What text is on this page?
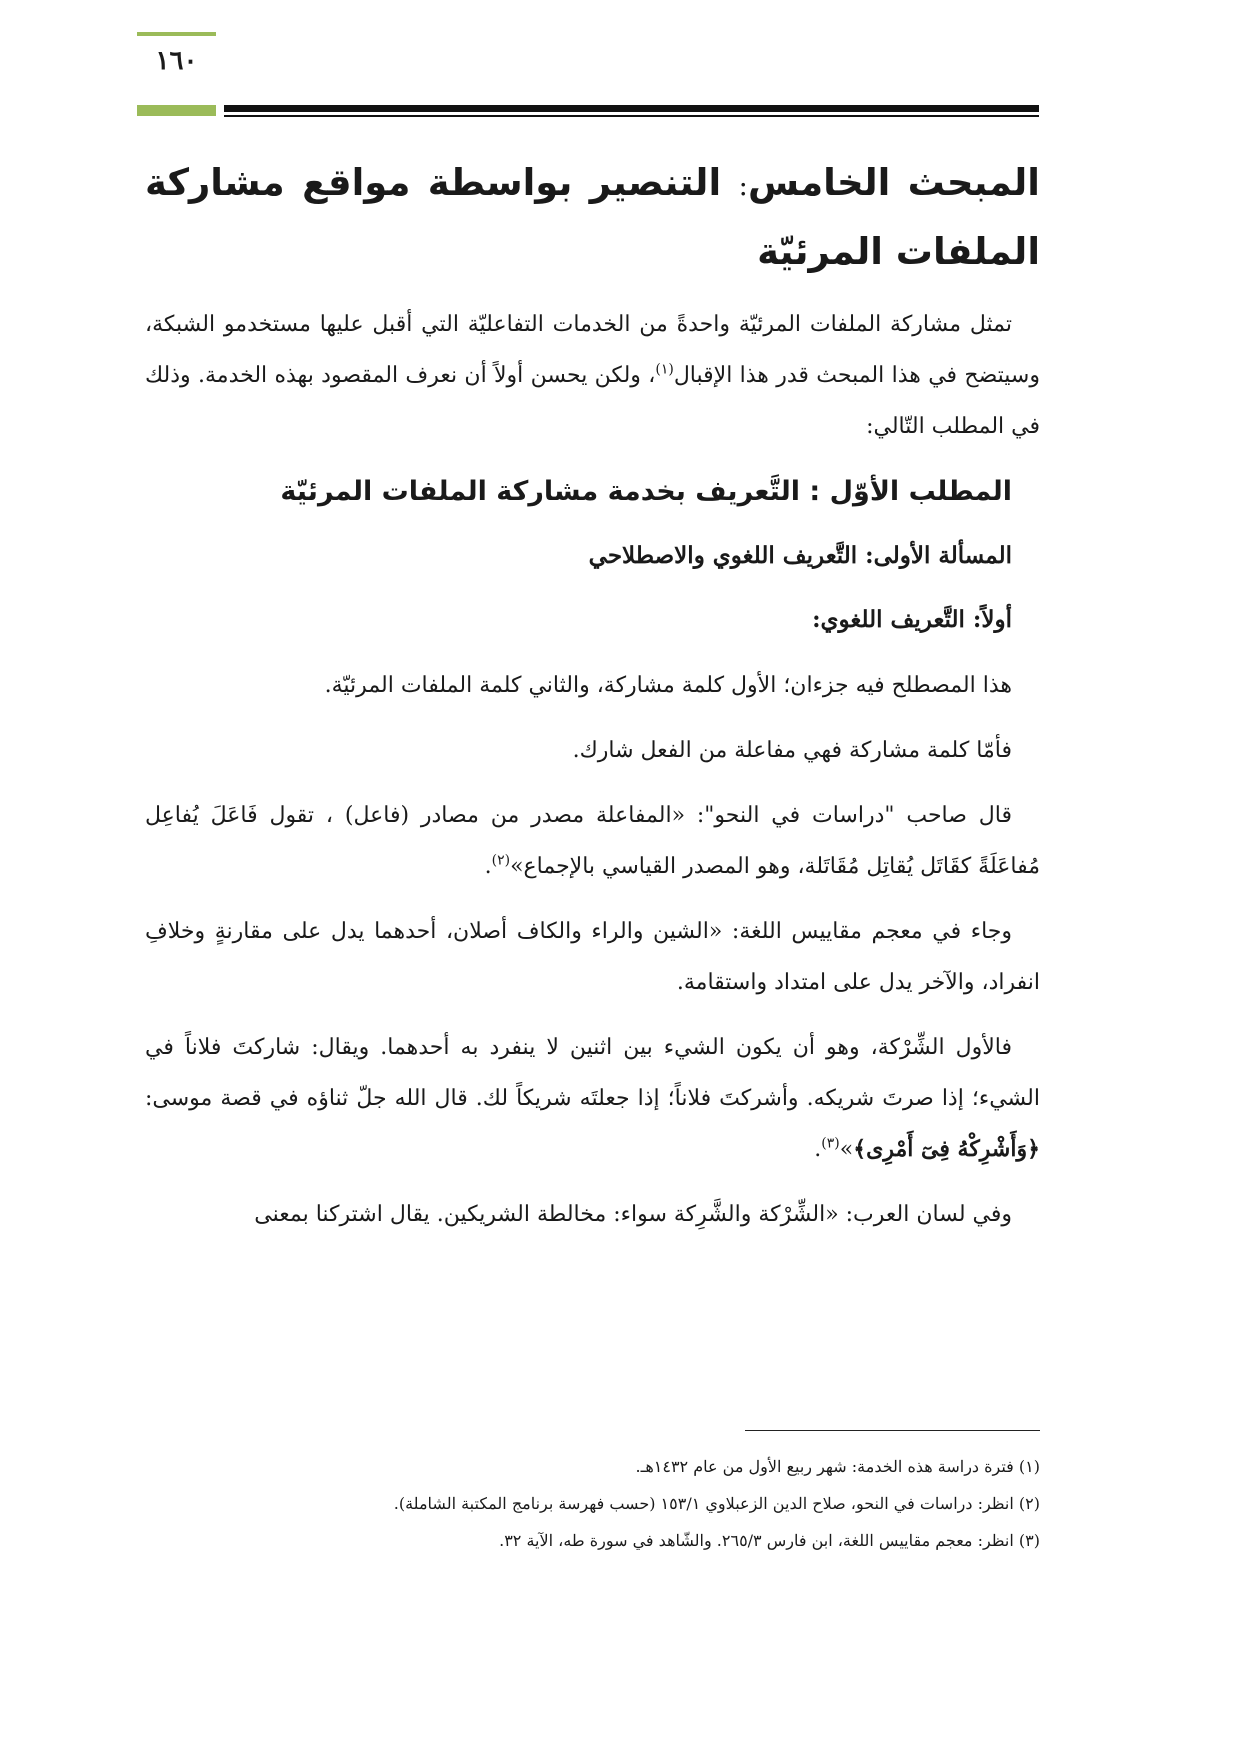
١٦٠
المبحث الخامس: التنصير بواسطة مواقع مشاركة الملفات المرئيّة

تمثل مشاركة الملفات المرئيّة واحدةً من الخدمات التفاعليّة التي أقبل عليها مستخدمو الشبكة، وسيتضح في هذا المبحث قدر هذا الإقبال$^{(١)}$، ولكن يحسن أولاً أن نعرف المقصود بهذه الخدمة. وذلك في المطلب التّالي:

المطلب الأوّل : التَّعريف بخدمة مشاركة الملفات المرئيّة
المسألة الأولى: التَّعريف اللغوي والاصطلاحي
أولاً: التَّعريف اللغوي:

هذا المصطلح فيه جزءان؛ الأول كلمة مشاركة، والثاني كلمة الملفات المرئيّة.

فأمّا كلمة مشاركة فهي مفاعلة من الفعل شارك.

قال صاحب "دراسات في النحو": «المفاعلة مصدر من مصادر (فاعل) ، تقول فَاعَلَ يُفاعِل مُفاعَلَةً كقَاتَل يُقاتِل مُقَاتَلة، وهو المصدر القياسي بالإجماع»$^{(٢)}$.

وجاء في معجم مقاييس اللغة: «الشين والراء والكاف أصلان، أحدهما يدل على مقارنةٍ وخلافِ انفراد، والآخر يدل على امتداد واستقامة.

فالأول الشِّرْكة، وهو أن يكون الشيء بين اثنين لا ينفرد به أحدهما. ويقال: شاركتَ فلاناً في الشيء؛ إذا صرتَ شريكه. وأشركتَ فلاناً؛ إذا جعلتَه شريكاً لك. قال الله جلّ ثناؤه في قصة موسى: ﴿وَأَشْرِكْهُ فِىٓ أَمْرِى﴾»$^{(٣)}$.

وفي لسان العرب: «الشِّرْكة والشَّرِكة سواء: مخالطة الشريكين. يقال اشتركنا بمعنى

(١) فترة دراسة هذه الخدمة: شهر ربيع الأول من عام ١٤٣٢هـ.
(٢) انظر: دراسات في النحو، صلاح الدين الزعبلاوي ١٥٣/١ (حسب فهرسة برنامج المكتبة الشاملة).
(٣) انظر: معجم مقاييس اللغة، ابن فارس ٢٦٥/٣. والشّاهد في سورة طه، الآية ٣٢.
